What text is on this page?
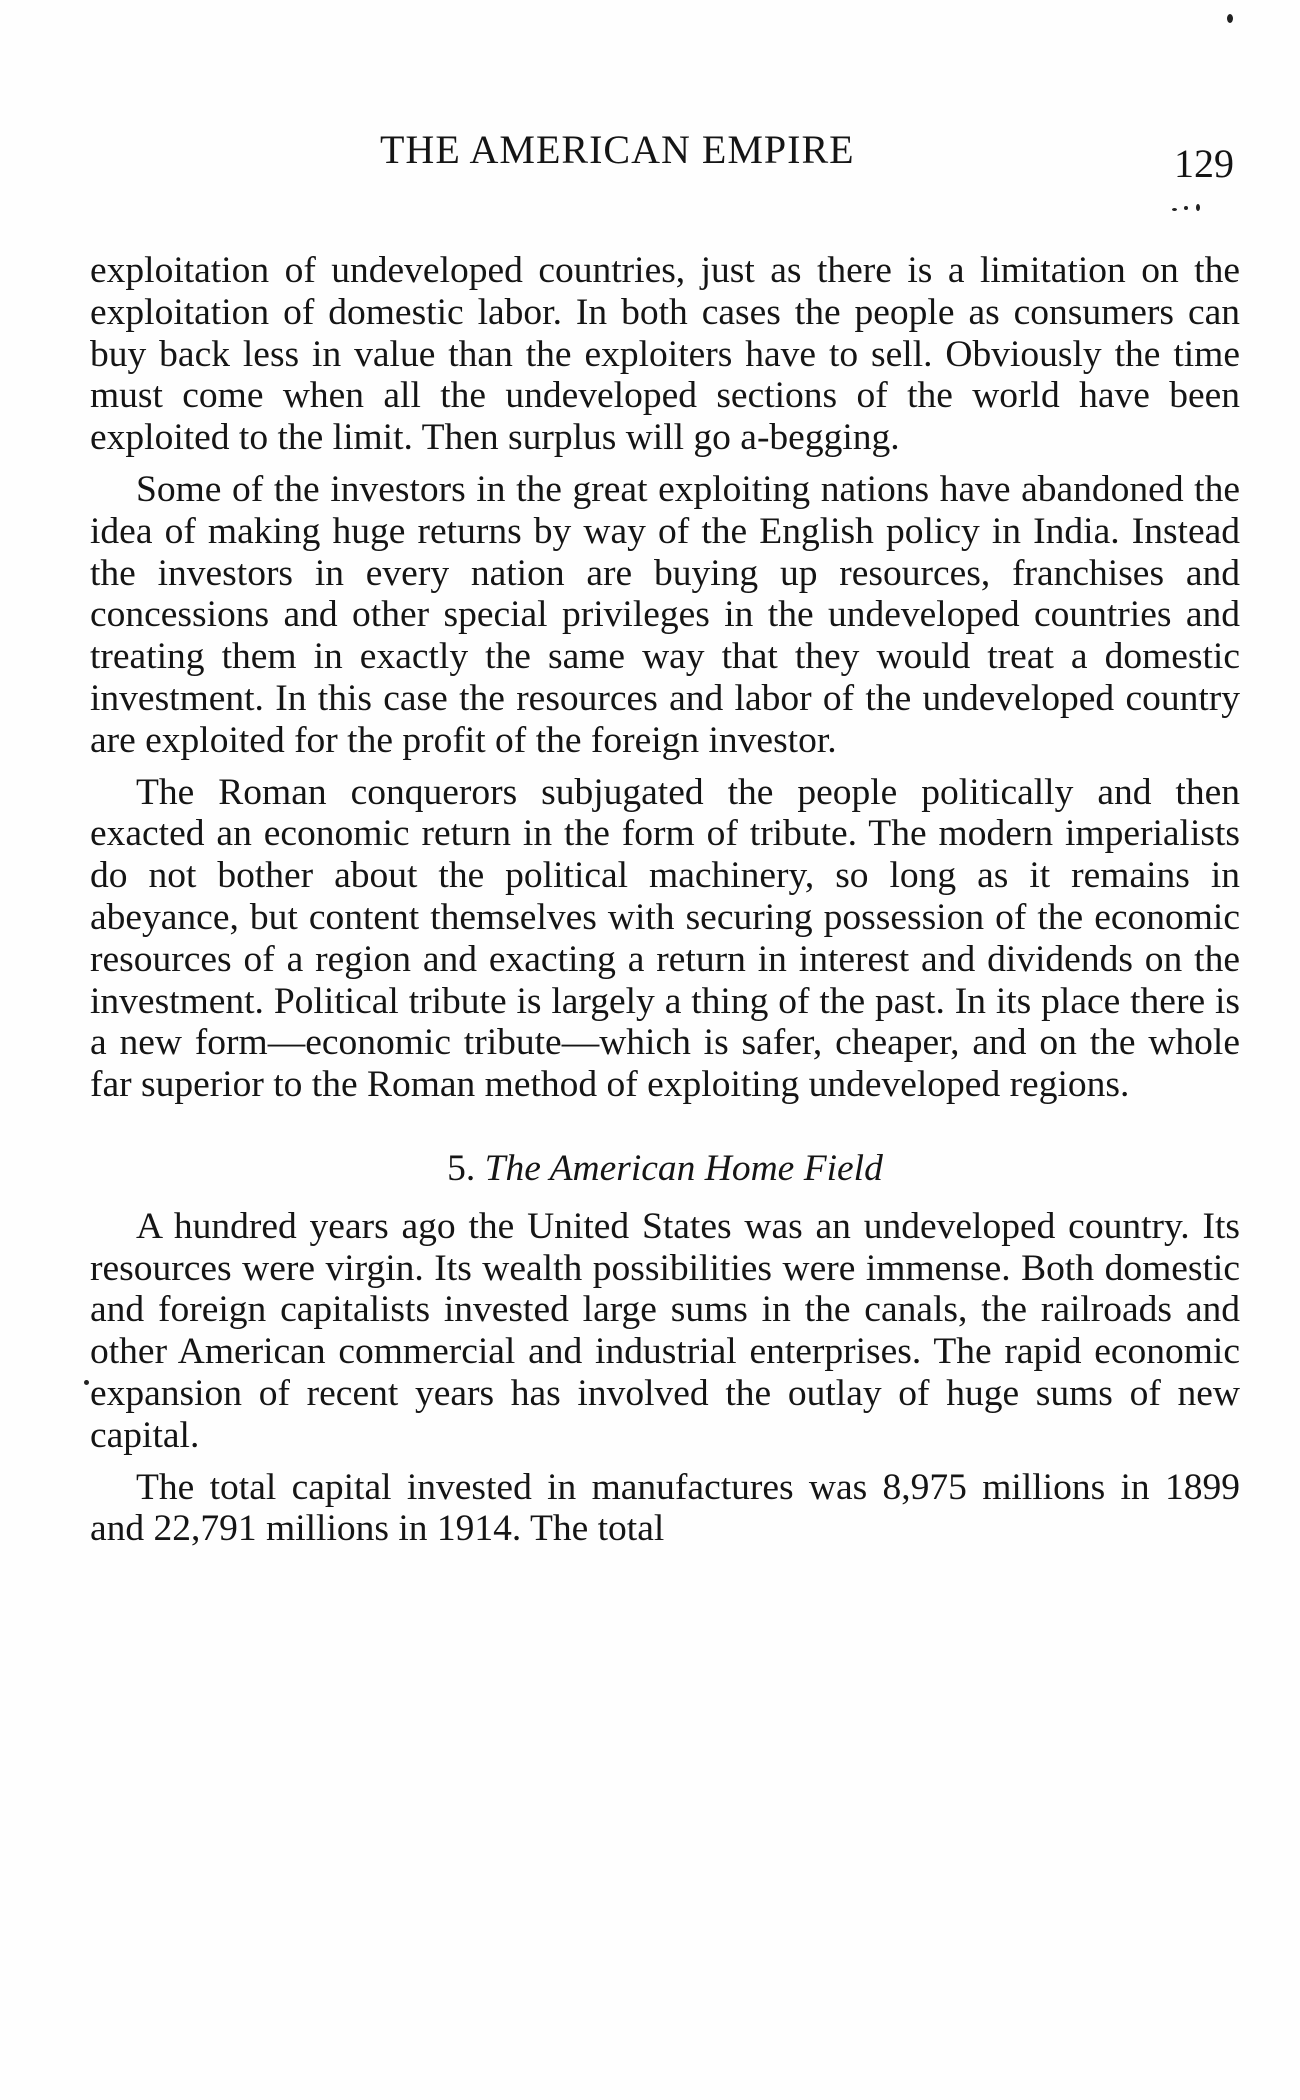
THE AMERICAN EMPIRE	129

exploitation of undeveloped countries, just as there is a limitation on the exploitation of domestic labor. In both cases the people as consumers can buy back less in value than the exploiters have to sell. Obviously the time must come when all the undeveloped sections of the world have been exploited to the limit. Then surplus will go a-begging.

Some of the investors in the great exploiting nations have abandoned the idea of making huge returns by way of the English policy in India. Instead the investors in every nation are buying up resources, franchises and concessions and other special privileges in the undeveloped countries and treating them in exactly the same way that they would treat a domestic investment. In this case the resources and labor of the undeveloped country are exploited for the profit of the foreign investor.

The Roman conquerors subjugated the people politically and then exacted an economic return in the form of tribute. The modern imperialists do not bother about the political machinery, so long as it remains in abeyance, but content themselves with securing possession of the economic resources of a region and exacting a return in interest and dividends on the investment. Political tribute is largely a thing of the past. In its place there is a new form—economic tribute—which is safer, cheaper, and on the whole far superior to the Roman method of exploiting undeveloped regions.

5. The American Home Field

A hundred years ago the United States was an undeveloped country. Its resources were virgin. Its wealth possibilities were immense. Both domestic and foreign capitalists invested large sums in the canals, the railroads and other American commercial and industrial enterprises. The rapid economic expansion of recent years has involved the outlay of huge sums of new capital.

The total capital invested in manufactures was 8,975 millions in 1899 and 22,791 millions in 1914. The total
